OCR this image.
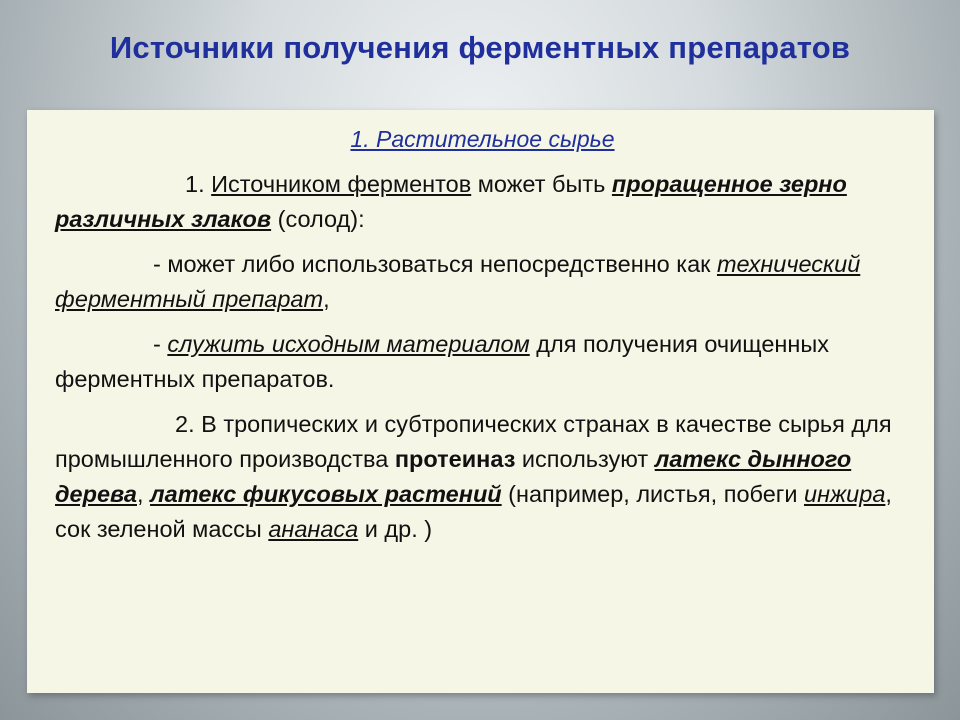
Источники получения ферментных препаратов
1. Растительное сырье

1. Источником ферментов может быть проращенное зерно различных злаков (солод):

- может либо использоваться непосредственно как технический ферментный препарат,

- служить исходным материалом для получения очищенных ферментных препаратов.

2. В тропических и субтропических странах в качестве сырья для промышленного производства протеиназ используют латекс дынного дерева, латекс фикусовых растений (например, листья, побеги инжира, сок зеленой массы ананаса и др. )
